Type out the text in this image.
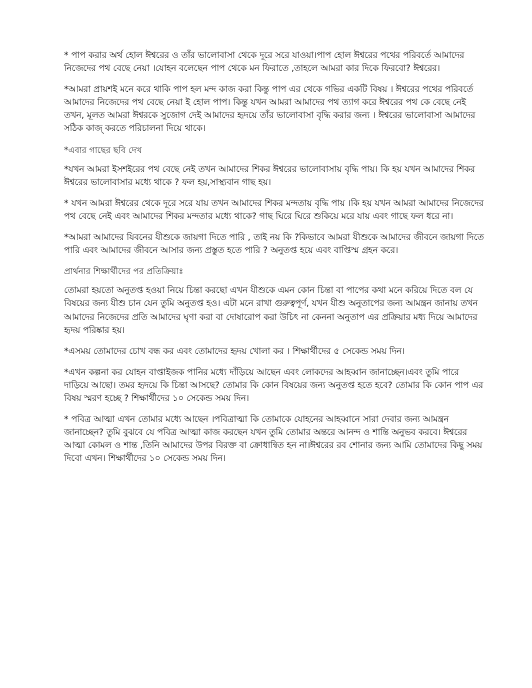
* পাপ করার অর্থ হোল ঈশ্বরের ও তাঁর ভালোবাসা থেকে দূরে সরে যাওয়া।পাপ হোল ঈশ্বরের পথের পরিবর্তে আমাদের নিজেদের পথ বেছে নেয়া ।যোহন বলেছেন পাপ থেকে মন ফিরাতে ,তাহলে আমরা কার দিকে ফিরবো? ঈশ্বরের।

*আমরা প্রায়শই মনে করে থাকি পাপ হল মন্দ কাজ করা কিন্তু পাপ এর থেকে গভির একটি বিষয় । ঈশ্বরের পথের পরিবর্তে আমাদের নিজেদের পথ বেছে নেয়া ই হোল পাপ। কিন্তু যখন আমরা আমাদের পথ ত্যাগ করে ঈশ্বরের পথ কে বেছে নেই তখন, মূলত আমরা ঈশ্বরকে সুজোগ দেই আমাদের হৃদয়ে তাঁর ভালোবাসা বৃদ্ধি করার জন্য । ঈশ্বরের ভালোবাসা আমাদের সঠিক কাজ্ করতে পরিচালনা দিয়ে থাকে।

*এবার গাছের ছবি দেখ

*যখন আমরা ইসশইরের পথ বেছে নেই তখন আমাদের শিকর ঈশ্বরের ভালোবাসায় বৃদ্ধি পায়। কি হয় যখন আমাদের শিকর ঈশ্বরের ভালোবাসার মধ্যে থাকে ? ফল হয়,সাস্থ্যবান গাছ হয়।

* যখন আমরা ঈশ্বরের থেকে দূরে সরে যায় তখন আমাদের শিকর মন্দতায় বৃদ্ধি পায় ।কি হয় যখন আমরা আমাদের নিজেদের পথ বেছে নেই এবং আমাদের শিকর মন্দতার মধ্যে থাকে? গাছ ঘিরে ঘিরে শুকিয়ে মরে যায় এবং গাছে ফল ধরে না।

*আমরা আমাদের যিবনের যীশুকে জায়গা দিতে পারি , তাই নয় কি ?কিভাবে আমরা যীশুকে আমাদের জীবনে জায়গা দিতে পারি এবং আমাদের জীবনে আসার জন্য প্রস্তুত হতে পারি ? অনুতপ্ত হয়ে এবং বাপ্তিস্ম গ্রহন করে।

প্রার্থনার শিক্ষার্থীদের পর প্রতিক্রিয়াঃ

তোমরা হয়তো অনুতপ্ত হওয়া নিয়ে চিন্তা করছো এখন যীশুকে এমন কোন চিন্তা বা পাপের কথা মনে করিয়ে দিতে বল যে বিষয়ের জন্য যীশু চান যেন তুমি অনুতপ্ত হও। এটা মনে রাখা গুরুত্বপূর্ণ, যখন যীশু অনুতাপের জন্য আমন্ত্রন জানায় তখন আমাদের নিজেদের প্রতি আমাদের ঘৃণা করা বা দোষারোপ করা উচিৎ না কেননা অনুতাপ এর প্রক্রিয়ার মধ্য দিয়ে আমাদের হৃদয় পরিষ্কার হয়।

*এসময় তোমাদের চোখ বন্ধ কর এবং তোমাদের হৃদয় খোলা কর । শিক্ষার্থীদের ৫ সেকেন্ড সময় দিন।

*এখন কল্পনা কর যোহন বাপ্তাইজক পানির মধ্যে দাঁড়িয়ে আছেন এবং লোকদের আহব্বান জানাচ্ছেন।এবং তুমি পারে দাড়িয়ে আছো। তমর হৃদয়ে কি চিন্তা আসছে? তোমার কি কোন বিষয়ের জন্য অনুতপ্ত হতে হবে? তোমার কি কোন পাপ এর বিষয় স্মরণ হচ্ছে ? শিক্ষার্থীদের ১০ সেকেন্ড সময় দিন।

* পবিত্র আত্মা এখন তোমার মধ্যে আছেন ।পবিত্রাত্মা কি তোমাকে যোহনের আহব্বানে সারা দেবার জন্য আমন্ত্রন জানাচ্ছেন? তুমি বুঝবে যে পবিত্র আত্মা কাজ করছেন যখন তুমি তোমার অন্তরে আনন্দ ও শান্তি অনুভব করবে। ঈশ্বরের আত্মা কোমল ও শান্ত ,তিনি আমাদের উপর বিরক্ত বা ক্রোধান্বিত হন না।ঈশ্বরের রব শোনার জন্য আমি তোমাদের কিছু সময় দিবো এখন। শিক্ষার্থীদের ১০ সেকেন্ড সময় দিন।
